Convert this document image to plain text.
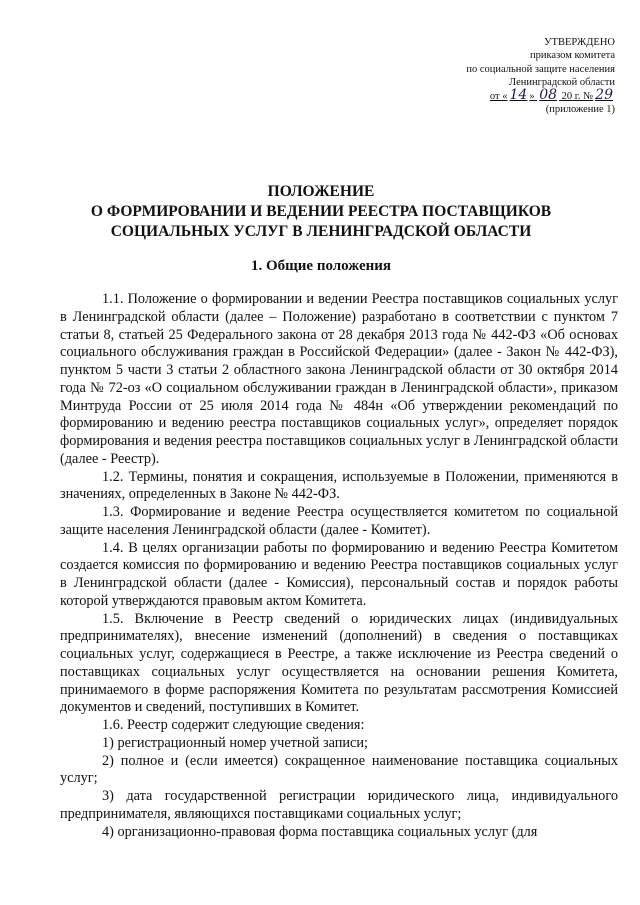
УТВЕРЖДЕНО
приказом комитета
по социальной защите населения
Ленинградской области
от « 14 » 08 20 г. № 29
(приложение 1)
ПОЛОЖЕНИЕ
О ФОРМИРОВАНИИ И ВЕДЕНИИ РЕЕСТРА ПОСТАВЩИКОВ
СОЦИАЛЬНЫХ УСЛУГ В ЛЕНИНГРАДСКОЙ ОБЛАСТИ
1. Общие положения

1.1. Положение о формировании и ведении Реестра поставщиков социальных услуг в Ленинградской области (далее – Положение) разработано в соответствии с пунктом 7 статьи 8, статьей 25 Федерального закона от 28 декабря 2013 года № 442-ФЗ «Об основах социального обслуживания граждан в Российской Федерации» (далее - Закон № 442-ФЗ), пунктом 5 части 3 статьи 2 областного закона Ленинградской области от 30 октября 2014 года № 72-оз «О социальном обслуживании граждан в Ленинградской области», приказом Минтруда России от 25 июля 2014 года № 484н «Об утверждении рекомендаций по формированию и ведению реестра поставщиков социальных услуг», определяет порядок формирования и ведения реестра поставщиков социальных услуг в Ленинградской области (далее - Реестр).

1.2. Термины, понятия и сокращения, используемые в Положении, применяются в значениях, определенных в Законе № 442-ФЗ.

1.3. Формирование и ведение Реестра осуществляется комитетом по социальной защите населения Ленинградской области (далее - Комитет).

1.4. В целях организации работы по формированию и ведению Реестра Комитетом создается комиссия по формированию и ведению Реестра поставщиков социальных услуг в Ленинградской области (далее - Комиссия), персональный состав и порядок работы которой утверждаются правовым актом Комитета.

1.5. Включение в Реестр сведений о юридических лицах (индивидуальных предпринимателях), внесение изменений (дополнений) в сведения о поставщиках социальных услуг, содержащиеся в Реестре, а также исключение из Реестра сведений о поставщиках социальных услуг осуществляется на основании решения Комитета, принимаемого в форме распоряжения Комитета по результатам рассмотрения Комиссией документов и сведений, поступивших в Комитет.

1.6. Реестр содержит следующие сведения:

1) регистрационный номер учетной записи;

2) полное и (если имеется) сокращенное наименование поставщика социальных услуг;

3) дата государственной регистрации юридического лица, индивидуального предпринимателя, являющихся поставщиками социальных услуг;

4) организационно-правовая форма поставщика социальных услуг (для
